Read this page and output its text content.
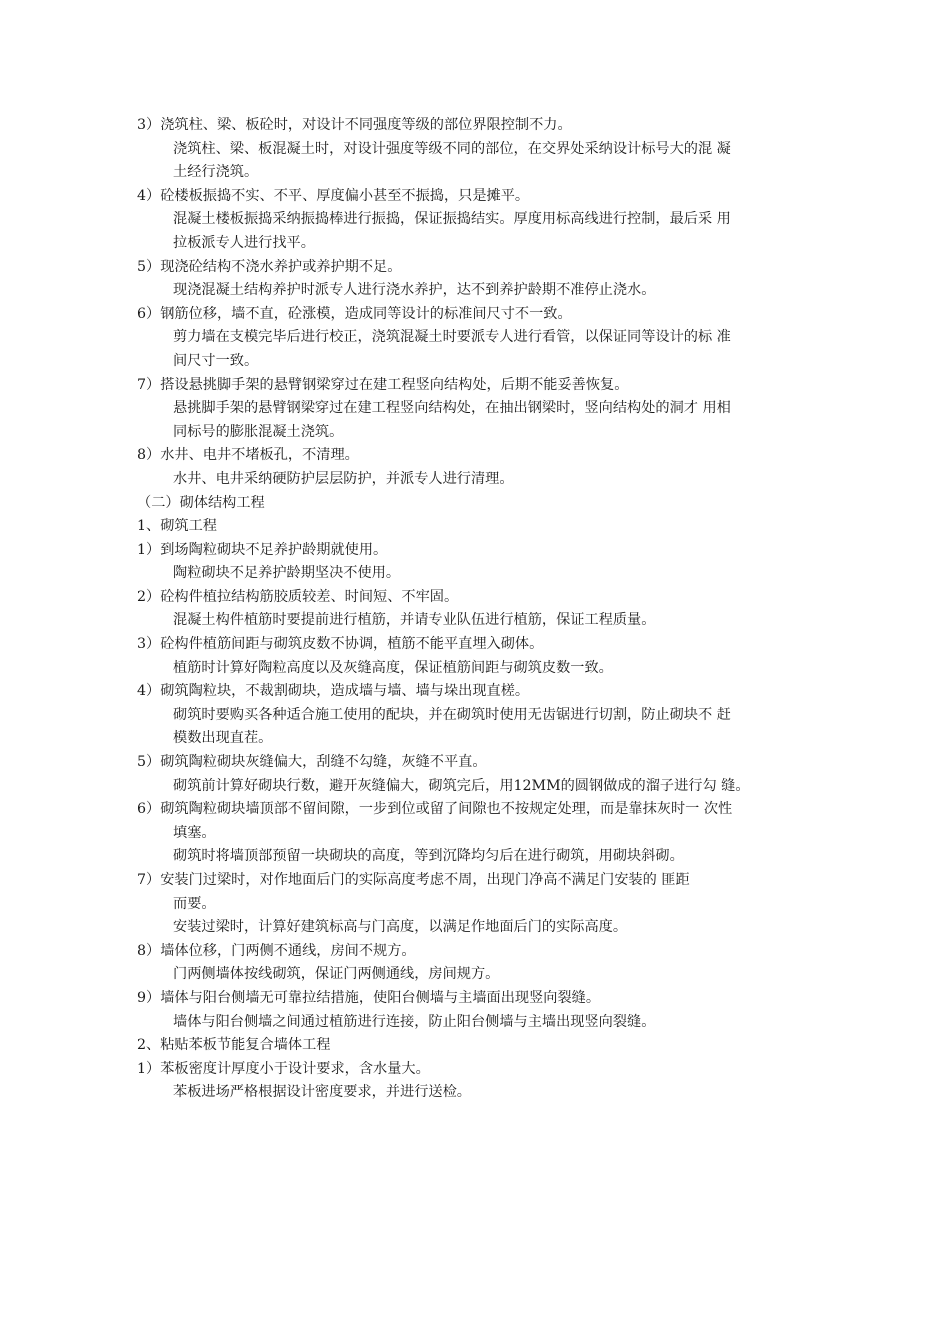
3）浇筑柱、梁、板砼时，对设计不同强度等级的部位界限控制不力。
浇筑柱、梁、板混凝土时，对设计强度等级不同的部位，在交界处采纳设计标号大的混 凝
土经行浇筑。
4）砼楼板振捣不实、不平、厚度偏小甚至不振捣，只是摊平。
混凝土楼板振捣采纳振捣棒进行振捣，保证振捣结实。厚度用标高线进行控制，最后采 用
拉板派专人进行找平。
5）现浇砼结构不浇水养护或养护期不足。
现浇混凝土结构养护时派专人进行浇水养护，达不到养护龄期不准停止浇水。
6）钢筋位移，墙不直，砼涨模，造成同等设计的标准间尺寸不一致。
剪力墙在支模完毕后进行校正，浇筑混凝土时要派专人进行看管，以保证同等设计的标 准
间尺寸一致。
7）搭设悬挑脚手架的悬臂钢梁穿过在建工程竖向结构处，后期不能妥善恢复。
悬挑脚手架的悬臂钢梁穿过在建工程竖向结构处，在抽出钢梁时，竖向结构处的洞才 用相
同标号的膨胀混凝土浇筑。
8）水井、电井不堵板孔，不清理。
水井、电井采纳硬防护层层防护，并派专人进行清理。
（二）砌体结构工程
1、砌筑工程
1）到场陶粒砌块不足养护龄期就使用。
陶粒砌块不足养护龄期坚决不使用。
2）砼构件植拉结构筋胶质较差、时间短、不牢固。
混凝土构件植筋时要提前进行植筋，并请专业队伍进行植筋，保证工程质量。
3）砼构件植筋间距与砌筑皮数不协调，植筋不能平直埋入砌体。
植筋时计算好陶粒高度以及灰缝高度，保证植筋间距与砌筑皮数一致。
4）砌筑陶粒块，不裁割砌块，造成墙与墙、墙与垛出现直槎。
砌筑时要购买各种适合施工使用的配块，并在砌筑时使用无齿锯进行切割，防止砌块不 赶
模数出现直茬。
5）砌筑陶粒砌块灰缝偏大，刮缝不勾缝，灰缝不平直。
砌筑前计算好砌块行数，避开灰缝偏大，砌筑完后，用12MM的圆钢做成的溜子进行勾 缝。
6）砌筑陶粒砌块墙顶部不留间隙，一步到位或留了间隙也不按规定处理，而是靠抹灰时一 次性
填塞。
砌筑时将墙顶部预留一块砌块的高度，等到沉降均匀后在进行砌筑，用砌块斜砌。
7）安装门过梁时，对作地面后门的实际高度考虑不周，出现门净高不满足门安装的 匪距
而要。
安装过梁时，计算好建筑标高与门高度，以满足作地面后门的实际高度。
8）墙体位移，门两侧不通线，房间不规方。
门两侧墙体按线砌筑，保证门两侧通线，房间规方。
9）墙体与阳台侧墙无可靠拉结措施，使阳台侧墙与主墙面出现竖向裂缝。
墙体与阳台侧墙之间通过植筋进行连接，防止阳台侧墙与主墙出现竖向裂缝。
2、粘贴苯板节能复合墙体工程
1）苯板密度计厚度小于设计要求，含水量大。
苯板进场严格根据设计密度要求，并进行送检。
